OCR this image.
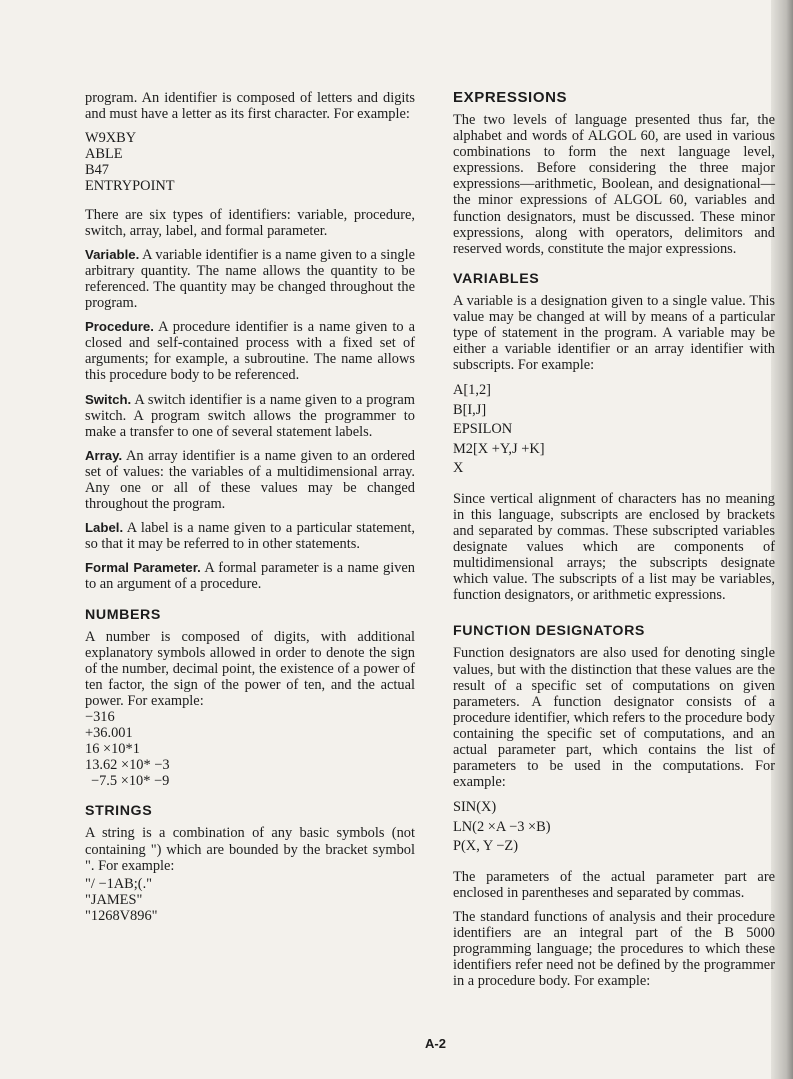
program. An identifier is composed of letters and digits and must have a letter as its first character. For example:

W9XBY
ABLE
B47
ENTRYPOINT

There are six types of identifiers: variable, procedure, switch, array, label, and formal parameter.

Variable. A variable identifier is a name given to a single arbitrary quantity. The name allows the quantity to be referenced. The quantity may be changed throughout the program.

Procedure. A procedure identifier is a name given to a closed and self-contained process with a fixed set of arguments; for example, a subroutine. The name allows this procedure body to be referenced.

Switch. A switch identifier is a name given to a program switch. A program switch allows the programmer to make a transfer to one of several statement labels.

Array. An array identifier is a name given to an ordered set of values: the variables of a multidimensional array. Any one or all of these values may be changed throughout the program.

Label. A label is a name given to a particular statement, so that it may be referred to in other statements.

Formal Parameter. A formal parameter is a name given to an argument of a procedure.

NUMBERS

A number is composed of digits, with additional explanatory symbols allowed in order to denote the sign of the number, decimal point, the existence of a power of ten factor, the sign of the power of ten, and the actual power. For example:

−316
+36.001
16 ×10*1
13.62 ×10* −3
−7.5 ×10* −9
STRINGS

A string is a combination of any basic symbols (not containing ") which are bounded by the bracket symbol ". For example:

"/ −1AB;(."
"JAMES"
"1268V896"
EXPRESSIONS

The two levels of language presented thus far, the alphabet and words of ALGOL 60, are used in various combinations to form the next language level, expressions. Before considering the three major expressions—arithmetic, Boolean, and designational—the minor expressions of ALGOL 60, variables and function designators, must be discussed. These minor expressions, along with operators, delimitors and reserved words, constitute the major expressions.

VARIABLES

A variable is a designation given to a single value. This value may be changed at will by means of a particular type of statement in the program. A variable may be either a variable identifier or an array identifier with subscripts. For example:

A[1,2]
B[I,J]
EPSILON
M2[X +Y,J +K]
X

Since vertical alignment of characters has no meaning in this language, subscripts are enclosed by brackets and separated by commas. These subscripted variables designate values which are components of multidimensional arrays; the subscripts designate which value. The subscripts of a list may be variables, function designators, or arithmetic expressions.

FUNCTION DESIGNATORS

Function designators are also used for denoting single values, but with the distinction that these values are the result of a specific set of computations on given parameters. A function designator consists of a procedure identifier, which refers to the procedure body containing the specific set of computations, and an actual parameter part, which contains the list of parameters to be used in the computations. For example:

SIN(X)
LN(2 ×A −3 ×B)
P(X, Y −Z)

The parameters of the actual parameter part are enclosed in parentheses and separated by commas.

The standard functions of analysis and their procedure identifiers are an integral part of the B 5000 programming language; the procedures to which these identifiers refer need not be defined by the programmer in a procedure body. For example:

A-2
